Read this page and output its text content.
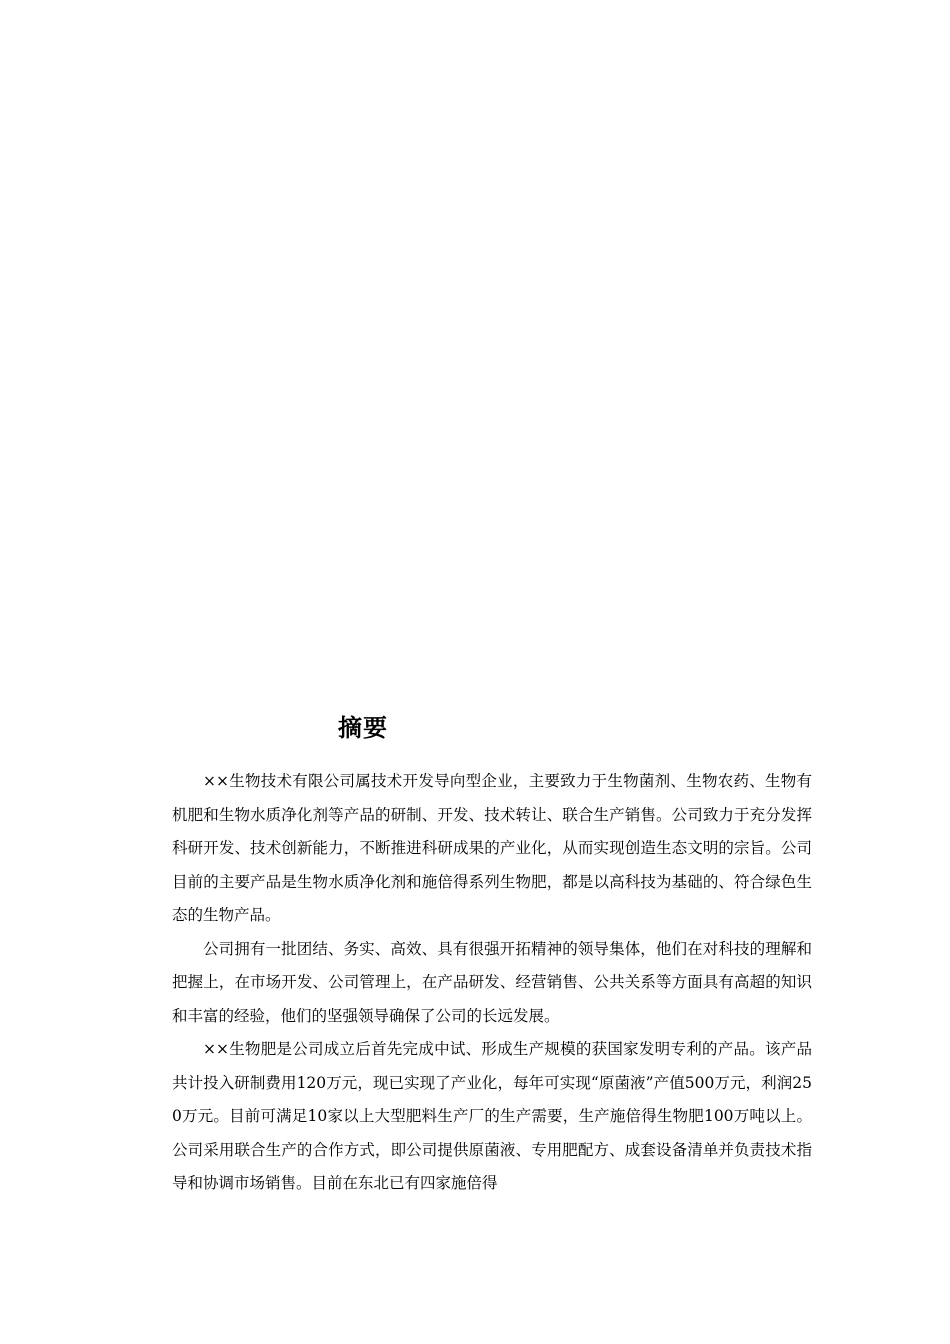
摘要

××生物技术有限公司属技术开发导向型企业，主要致力于生物菌剂、生物农药、生物有机肥和生物水质净化剂等产品的研制、开发、技术转让、联合生产销售。公司致力于充分发挥科研开发、技术创新能力，不断推进科研成果的产业化，从而实现创造生态文明的宗旨。公司目前的主要产品是生物水质净化剂和施倍得系列生物肥，都是以高科技为基础的、符合绿色生态的生物产品。

公司拥有一批团结、务实、高效、具有很强开拓精神的领导集体，他们在对科技的理解和把握上，在市场开发、公司管理上，在产品研发、经营销售、公共关系等方面具有高超的知识和丰富的经验，他们的坚强领导确保了公司的长远发展。

××生物肥是公司成立后首先完成中试、形成生产规模的获国家发明专利的产品。该产品共计投入研制费用120万元，现已实现了产业化，每年可实现“原菌液”产值500万元，利润250万元。目前可满足10家以上大型肥料生产厂的生产需要，生产施倍得生物肥100万吨以上。公司采用联合生产的合作方式，即公司提供原菌液、专用肥配方、成套设备清单并负责技术指导和协调市场销售。目前在东北已有四家施倍得
